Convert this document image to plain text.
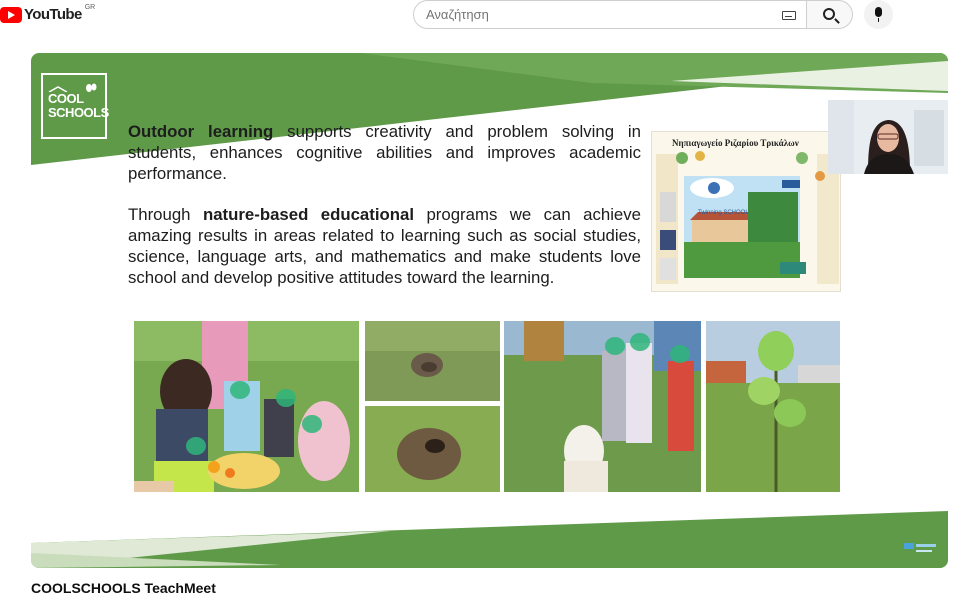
YouTube GR
Αναζήτηση
COOL
SCHOOLS

Outdoor learning supports creativity and problem solving in students, enhances cognitive abilities and improves academic performance.

Through nature-based educational programs we can achieve amazing results in areas related to learning such as social studies, science, language arts, and mathematics and make students love school and develop positive attitudes toward the learning.

Νηπιαγωγείο Ριζαρίου Τρικάλων
Twinning SCHOOL
COOLSCHOOLS TeachMeet
